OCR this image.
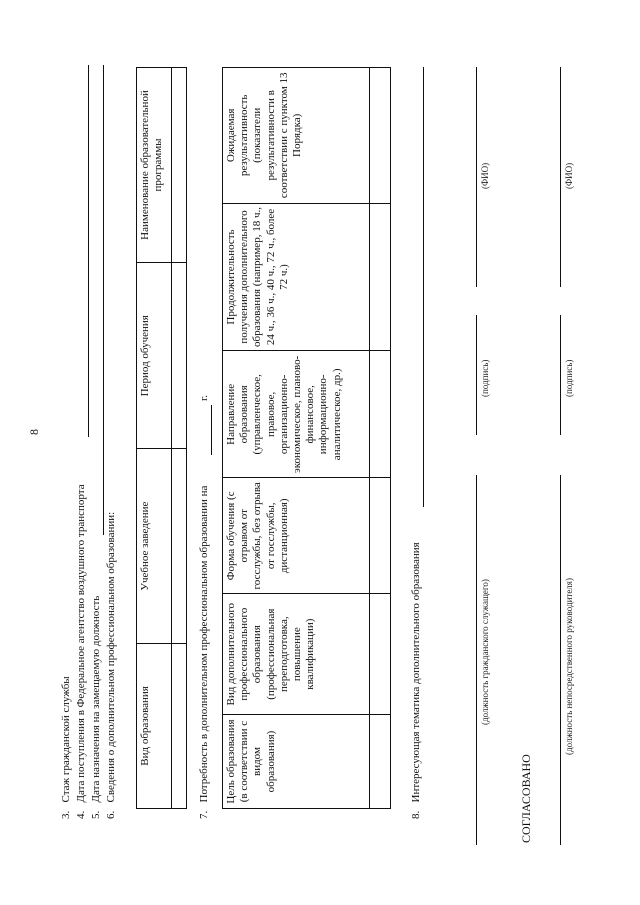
8
3.   Стаж гражданской службы
4.   Дата поступления в Федеральное агентство воздушного транспорта
5.   Дата назначения на замещаемую должность
6.   Сведения о дополнительном профессиональном образовании: Вид образования	Учебное заведение	Период обучения	Наименование образовательной программы

7.   Потребность в дополнительном профессиональном образовании на
г.
Цель образования (в соответствии с видом образования)	Вид дополнительного профессионального образования (профессиональная переподготовка, повышение квалификации)	Форма обучения (с отрывом от госслужбы, без отрыва от госслужбы, дистанционная)	Направление образования (управленческое, правовое, организационно-экономическое, планово-финансовое, информационно-аналитическое, др.)	Продолжительность получения дополнительного образования (например, 18 ч., 24 ч., 36 ч., 40 ч., 72 ч., более 72 ч.)	Ожидаемая результативность (показатели результативности в соответствии с пунктом 13 Порядка)

8.   Интересующая тематика дополнительного образования	(должность гражданского служащего)
(подпись)
(ФИО)
СОГЛАСОВАНО
(должность непосредственного руководителя)
(подпись)
(ФИО)
